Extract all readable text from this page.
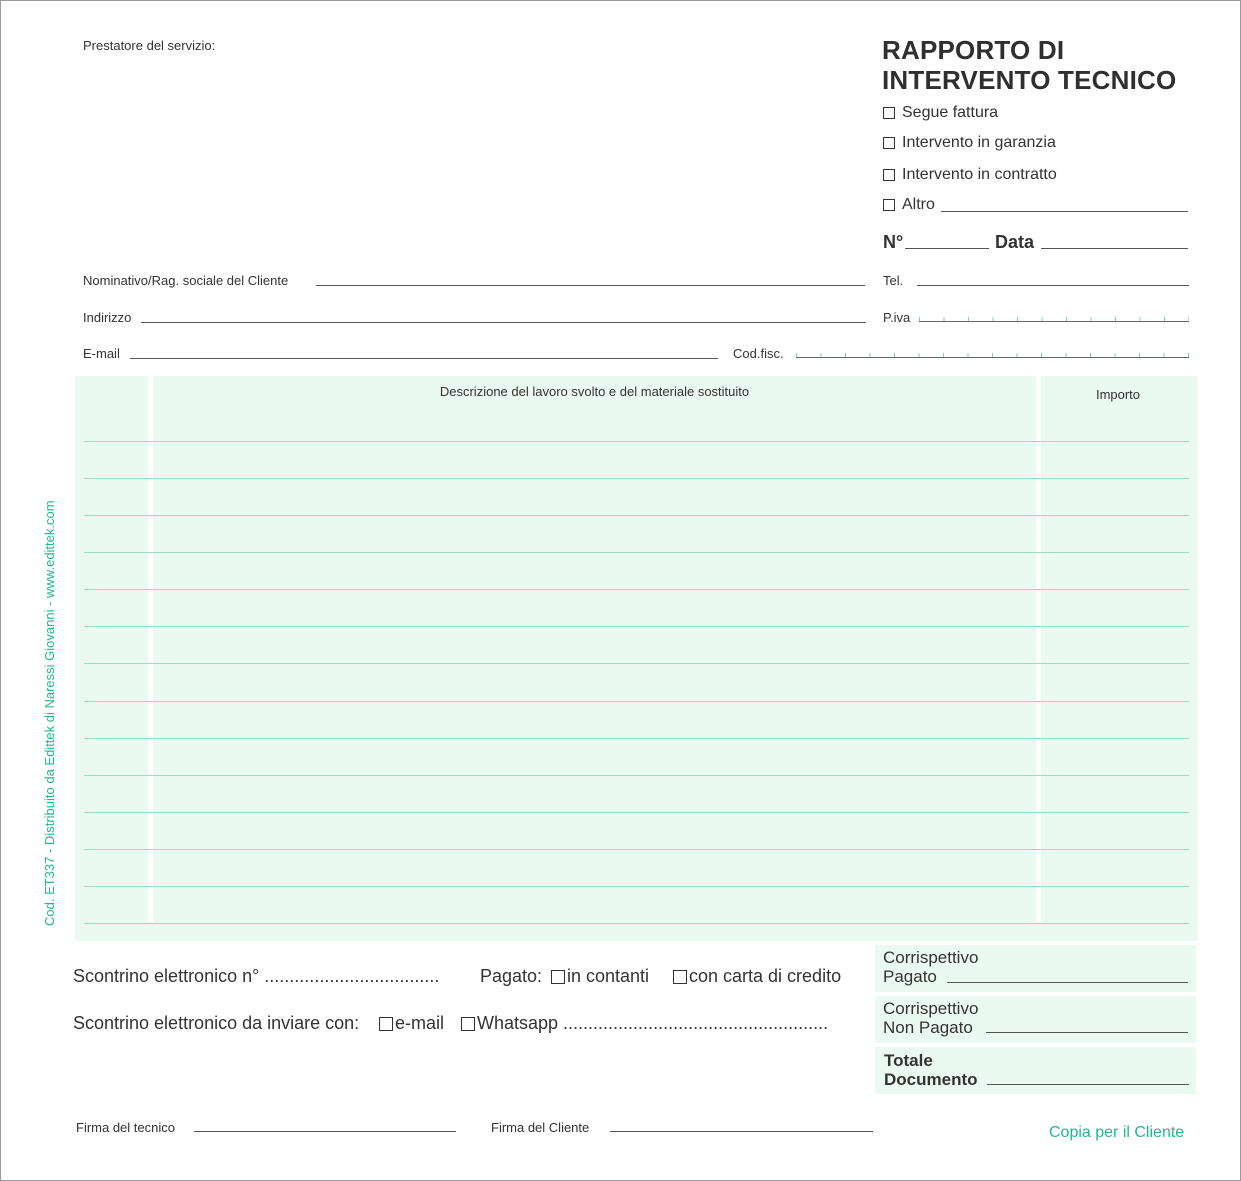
Prestatore del servizio:	RAPPORTO DI
INTERVENTO TECNICO
Segue fattura
Intervento in garanzia
Intervento in contratto
Altro
N°	Data
Nominativo/Rag. sociale del Cliente	Tel.
Indirizzo	P.iva
E-mail	Cod.fisc.
Descrizione del lavoro svolto e del materiale sostituito	Importo
Cod. ET337 - Distribuito da Edittek di Naressi Giovanni - www.edittek.com
Scontrino elettronico n° ................................... Pagato: in contanti con carta di credito
Scontrino elettronico da inviare con: e-mail Whatsapp .....................................................
Corrispettivo
Pagato
Corrispettivo
Non Pagato
Totale
Documento
Firma del tecnico	Firma del Cliente	Copia per il Cliente
